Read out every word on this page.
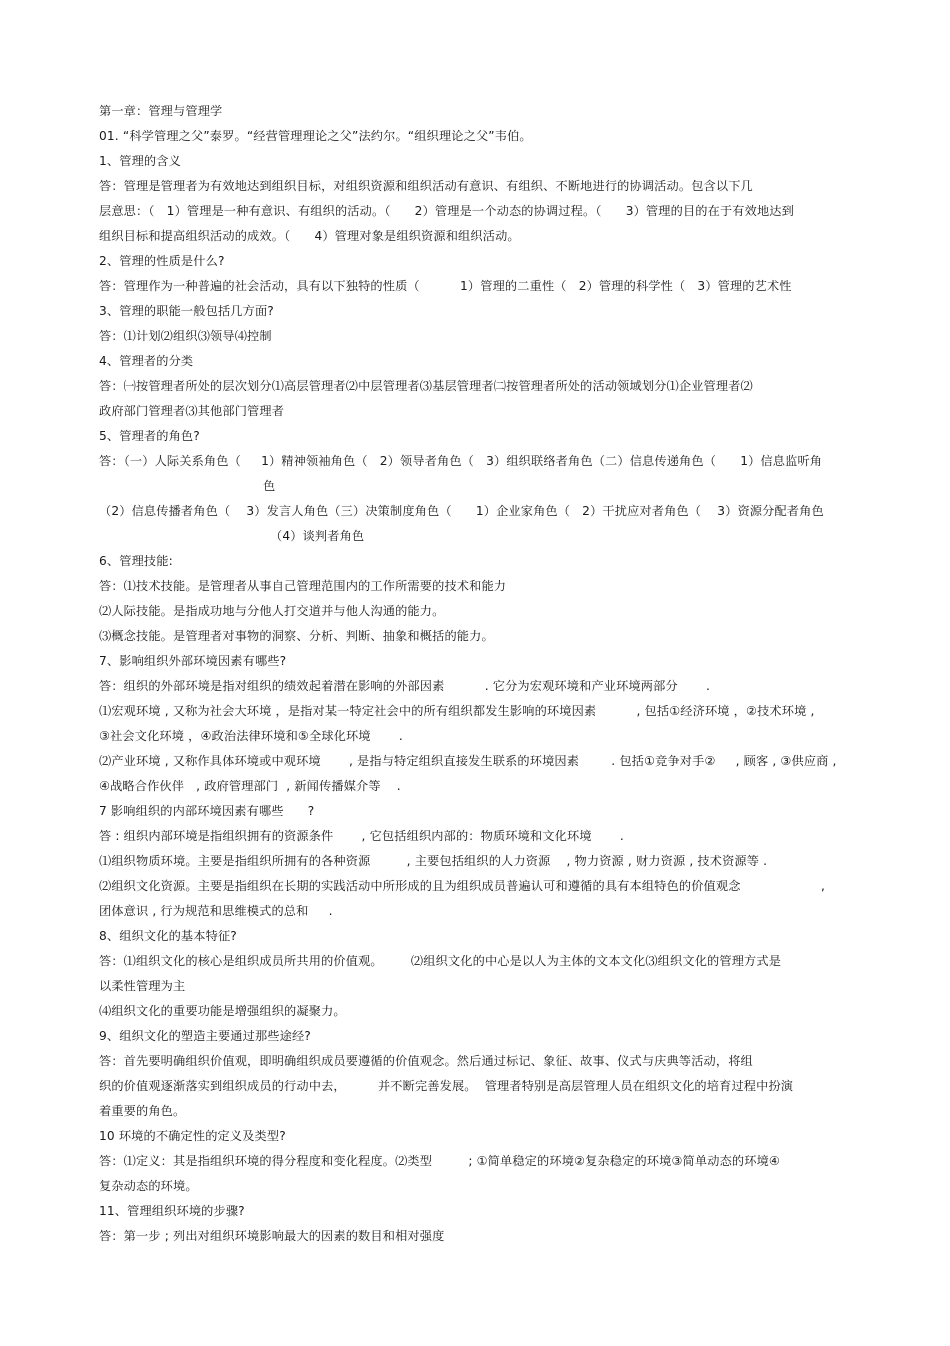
第一章：管理与管理学
01. “科学管理之父”泰罗。“经营管理理论之父”法约尔。“组织理论之父”韦伯。
1、管理的含义
答：管理是管理者为有效地达到组织目标，对组织资源和组织活动有意识、有组织、不断地进行的协调活动。包含以下几
层意思：（   1）管理是一种有意识、有组织的活动。（      2）管理是一个动态的协调过程。（      3）管理的目的在于有效地达到
组织目标和提高组织活动的成效。（      4）管理对象是组织资源和组织活动。
2、管理的性质是什么?
答：管理作为一种普遍的社会活动，具有以下独特的性质（          1）管理的二重性（   2）管理的科学性（   3）管理的艺术性
3、管理的职能一般包括几方面?
答：⑴计划⑵组织⑶领导⑷控制
4、管理者的分类
答：㈠按管理者所处的层次划分⑴高层管理者⑵中层管理者⑶基层管理者㈡按管理者所处的活动领域划分⑴企业管理者⑵
政府部门管理者⑶其他部门管理者
5、管理者的角色?
答：（一）人际关系角色（     1）精神领袖角色（   2）领导者角色（   3）组织联络者角色（二）信息传递角色（      1）信息监听角
色
（2）信息传播者角色（    3）发言人角色（三）决策制度角色（      1）企业家角色（   2）干扰应对者角色（    3）资源分配者角色
（4）谈判者角色
6、管理技能:
答：⑴技术技能。是管理者从事自己管理范围内的工作所需要的技术和能力
⑵人际技能。是指成功地与分他人打交道并与他人沟通的能力。
⑶概念技能。是管理者对事物的洞察、分析、判断、抽象和概括的能力。
7、影响组织外部环境因素有哪些?
答：组织的外部环境是指对组织的绩效起着潜在影响的外部因素          . 它分为宏观环境和产业环境两部分       .
⑴宏观环境 , 又称为社会大环境 ，是指对某一特定社会中的所有组织都发生影响的环境因素          , 包括①经济环境 ，②技术环境 ,
③社会文化环境 ，④政治法律环境和⑤全球化环境       .
⑵产业环境 , 又称作具体环境或中观环境       , 是指与特定组织直接发生联系的环境因素        . 包括①竞争对手②     , 顾客 , ③供应商 ,
④战略合作伙伴   , 政府管理部门  , 新闻传播媒介等    .
7 影响组织的内部环境因素有哪些      ?
答 : 组织内部环境是指组织拥有的资源条件       , 它包括组织内部的：物质环境和文化环境       .
⑴组织物质环境。主要是指组织所拥有的各种资源         , 主要包括组织的人力资源    , 物力资源 , 财力资源 , 技术资源等 .
⑵组织文化资源。主要是指组织在长期的实践活动中所形成的且为组织成员普遍认可和遵循的具有本组特色的价值观念                    ,
团体意识 , 行为规范和思维模式的总和     .
8、组织文化的基本特征?
答：⑴组织文化的核心是组织成员所共用的价值观。       ⑵组织文化的中心是以人为主体的文本文化⑶组织文化的管理方式是
以柔性管理为主
⑷组织文化的重要功能是增强组织的凝聚力。
9、组织文化的塑造主要通过那些途经?
答：首先要明确组织价值观，即明确组织成员要遵循的价值观念。然后通过标记、象征、故事、仪式与庆典等活动，将组
织的价值观逐渐落实到组织成员的行动中去，        并不断完善发展。  管理者特别是高层管理人员在组织文化的培育过程中扮演
着重要的角色。
10 环境的不确定性的定义及类型?
答：⑴定义：其是指组织环境的得分程度和变化程度。⑵类型         ; ①简单稳定的环境②复杂稳定的环境③简单动态的环境④
复杂动态的环境。
11、管理组织环境的步骤?
答：第一步 ; 列出对组织环境影响最大的因素的数目和相对强度
